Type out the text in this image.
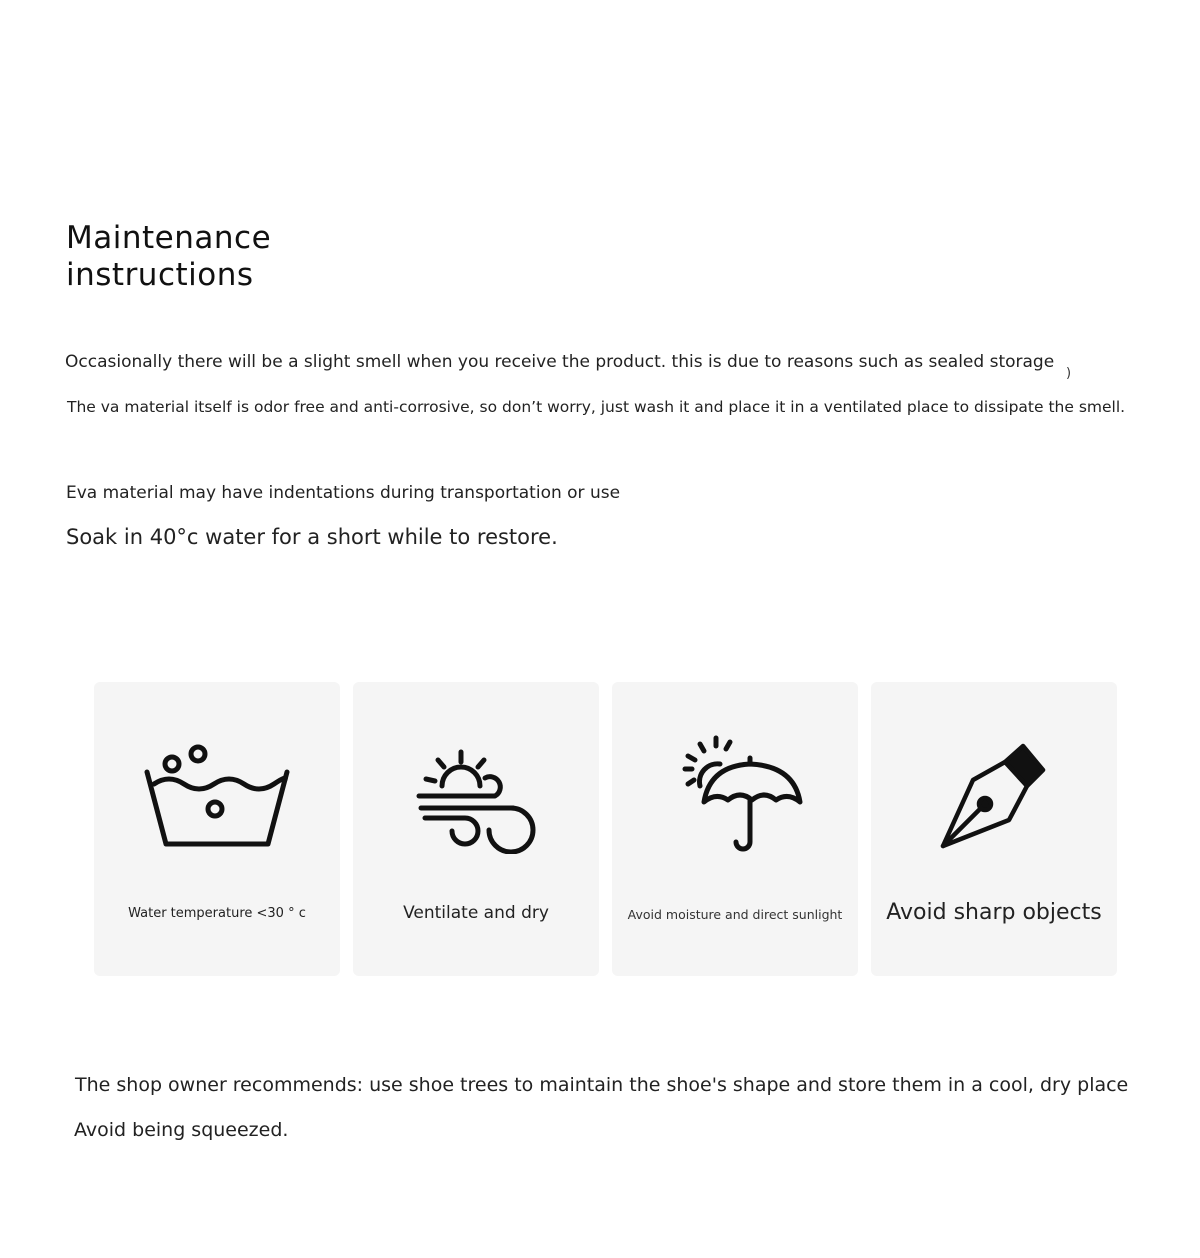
Maintenance
instructions
Occasionally there will be a slight smell when you receive the product. this is due to reasons such as sealed storage
)
The va material itself is odor free and anti-corrosive, so don’t worry, just wash it and place it in a ventilated place to dissipate the smell.
Eva material may have indentations during transportation or use
Soak in 40°c water for a short while to restore.
Water temperature <30 ° c	Ventilate and dry	Avoid moisture and direct sunlight	Avoid sharp objects
The shop owner recommends: use shoe trees to maintain the shoe's shape and store them in a cool, dry place
Avoid being squeezed.
